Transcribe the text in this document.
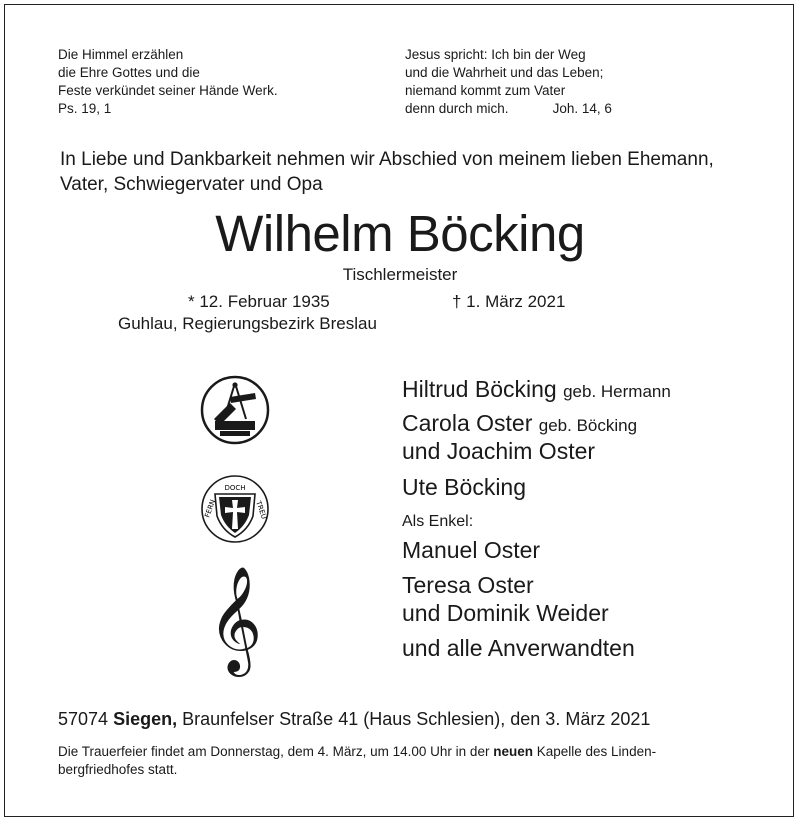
Die Himmel erzählen
die Ehre Gottes und die
Feste verkündet seiner Hände Werk.
Ps. 19, 1
Jesus spricht: Ich bin der Weg
und die Wahrheit und das Leben;
niemand kommt zum Vater
denn durch mich.	Joh. 14, 6
In Liebe und Dankbarkeit nehmen wir Abschied von meinem lieben Ehemann,
Vater, Schwiegervater und Opa
Wilhelm Böcking
Tischlermeister
* 12. Februar 1935	† 1. März 2021
Guhlau, Regierungsbezirk Breslau
DOCH
FERN	TREU
𝄞
Hiltrud Böcking geb. Hermann
Carola Oster geb. Böcking
und Joachim Oster
Ute Böcking
Als Enkel:
Manuel Oster
Teresa Oster
und Dominik Weider
und alle Anverwandten
57074 Siegen, Braunfelser Straße 41 (Haus Schlesien), den 3. März 2021
Die Trauerfeier findet am Donnerstag, dem 4. März, um 14.00 Uhr in der neuen Kapelle des Linden-
bergfriedhofes statt.
